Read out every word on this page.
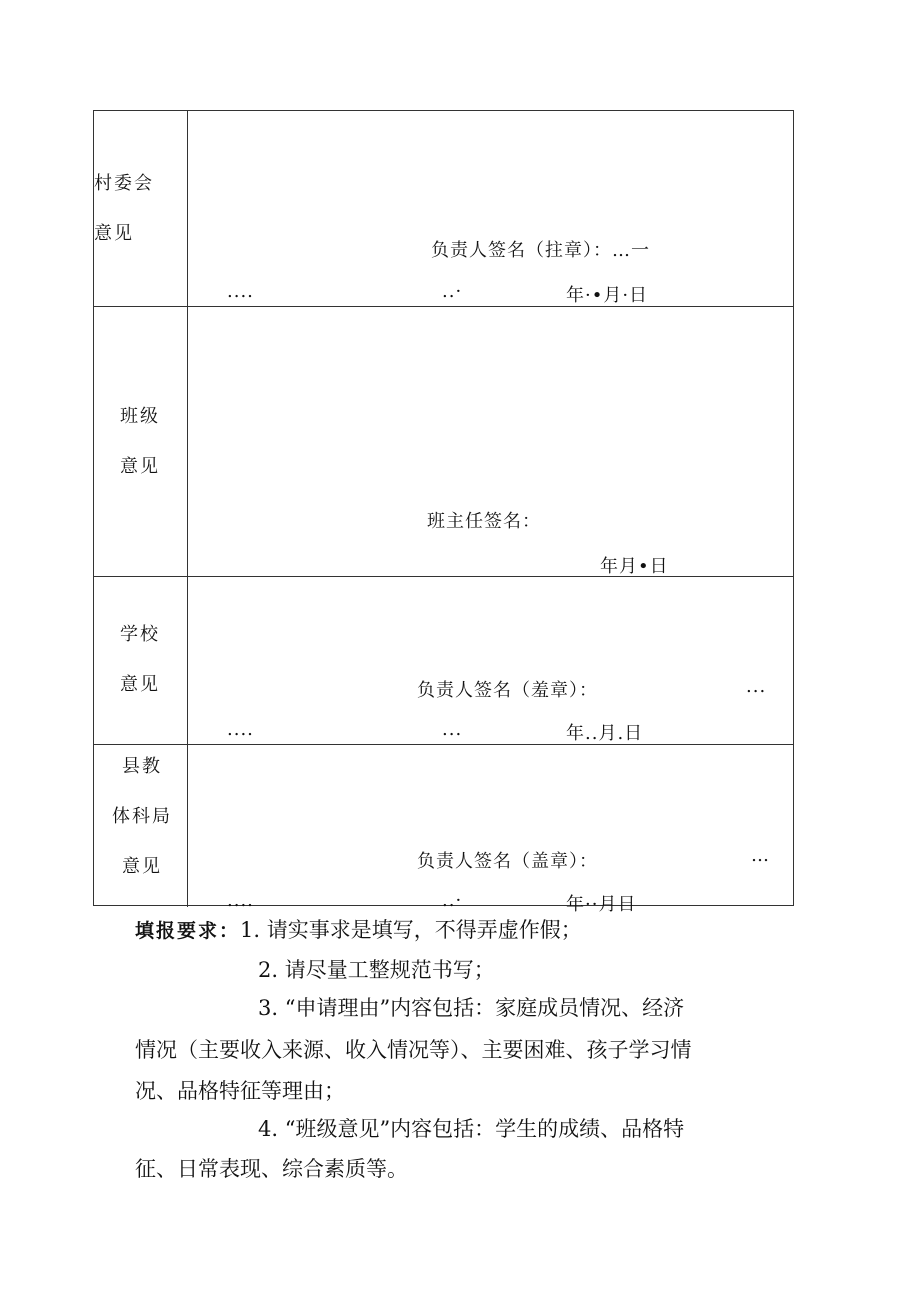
村委会
意见
负责人签名（拄章）：…一
....	..·	年·•月·日
班级
意见
班主任签名：
年月•日
学校
意见	负责人签名（羞章）：	...
....	...	年..月.日
县教
体科局
意见	负责人签名（盖章）：	…
....	..·	年··月日
填报要求：1. 请实事求是填写，不得弄虚作假；
2. 请尽量工整规范书写；
3. “申请理由”内容包括：家庭成员情况、经济
情况（主要收入来源、收入情况等）、主要困难、孩子学习情
况、品格特征等理由；
4. “班级意见”内容包括：学生的成绩、品格特
征、日常表现、综合素质等。
